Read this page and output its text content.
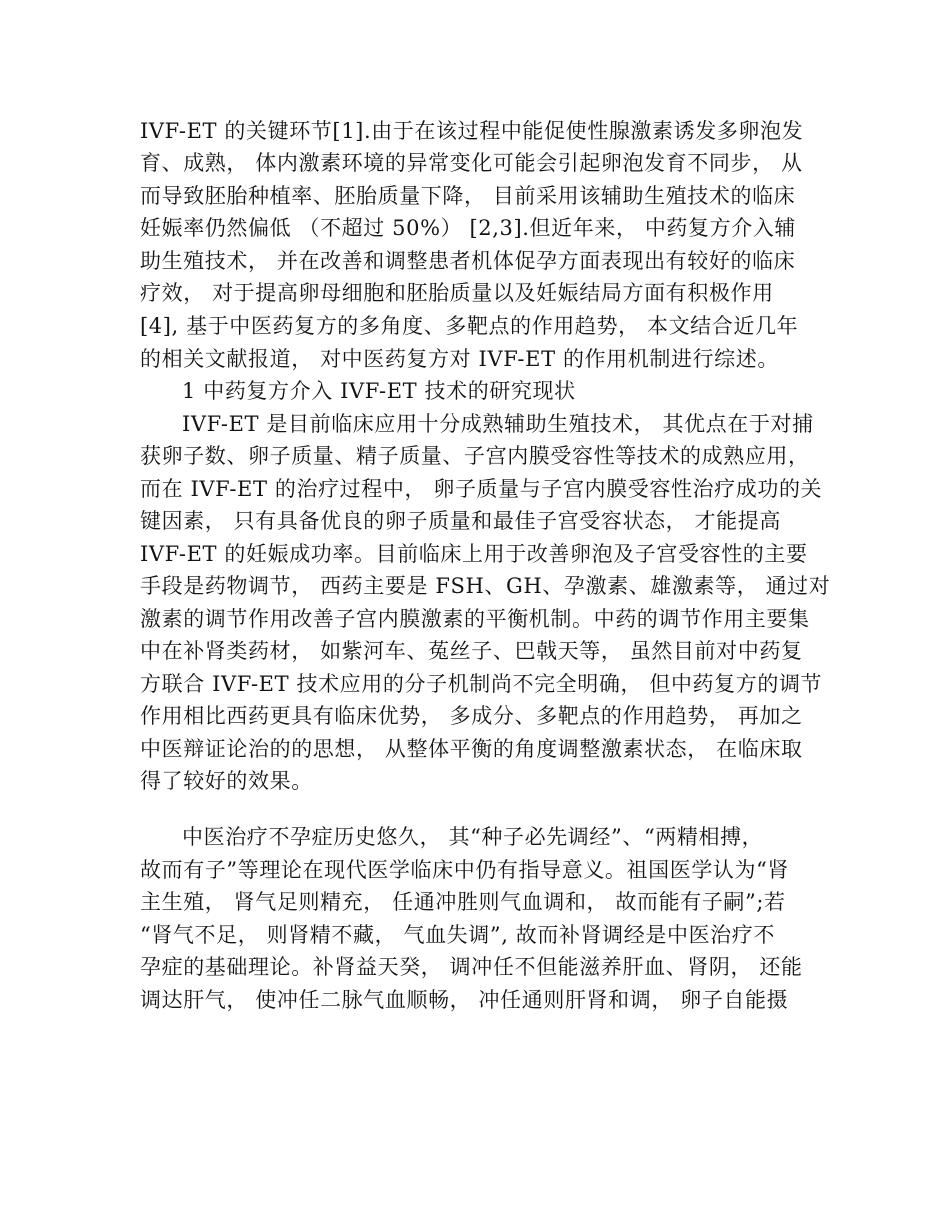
IVF-ET 的关键环节[1].由于在该过程中能促使性腺激素诱发多卵泡发

育、成熟， 体内激素环境的异常变化可能会引起卵泡发育不同步， 从

而导致胚胎种植率、胚胎质量下降， 目前采用该辅助生殖技术的临床

妊娠率仍然偏低 （不超过 50%） [2,3].但近年来， 中药复方介入辅

助生殖技术， 并在改善和调整患者机体促孕方面表现出有较好的临床

疗效， 对于提高卵母细胞和胚胎质量以及妊娠结局方面有积极作用

[4], 基于中医药复方的多角度、多靶点的作用趋势， 本文结合近几年

的相关文献报道， 对中医药复方对 IVF-ET 的作用机制进行综述。

1 中药复方介入 IVF-ET 技术的研究现状

IVF-ET 是目前临床应用十分成熟辅助生殖技术， 其优点在于对捕

获卵子数、卵子质量、精子质量、子宫内膜受容性等技术的成熟应用，

而在 IVF-ET 的治疗过程中， 卵子质量与子宫内膜受容性治疗成功的关

键因素， 只有具备优良的卵子质量和最佳子宫受容状态， 才能提高

IVF-ET 的妊娠成功率。目前临床上用于改善卵泡及子宫受容性的主要

手段是药物调节， 西药主要是 FSH、GH、孕激素、雄激素等， 通过对

激素的调节作用改善子宫内膜激素的平衡机制。中药的调节作用主要集

中在补肾类药材， 如紫河车、菟丝子、巴戟天等， 虽然目前对中药复

方联合 IVF-ET 技术应用的分子机制尚不完全明确， 但中药复方的调节

作用相比西药更具有临床优势， 多成分、多靶点的作用趋势， 再加之

中医辩证论治的的思想， 从整体平衡的角度调整激素状态， 在临床取

得了较好的效果。

中医治疗不孕症历史悠久， 其“种子必先调经”、“两精相搏，

故而有子”等理论在现代医学临床中仍有指导意义。祖国医学认为“肾

主生殖， 肾气足则精充， 任通冲胜则气血调和， 故而能有子嗣”;若

“肾气不足， 则肾精不藏， 气血失调”, 故而补肾调经是中医治疗不

孕症的基础理论。补肾益天癸， 调冲任不但能滋养肝血、肾阴， 还能

调达肝气， 使冲任二脉气血顺畅， 冲任通则肝肾和调， 卵子自能摄
